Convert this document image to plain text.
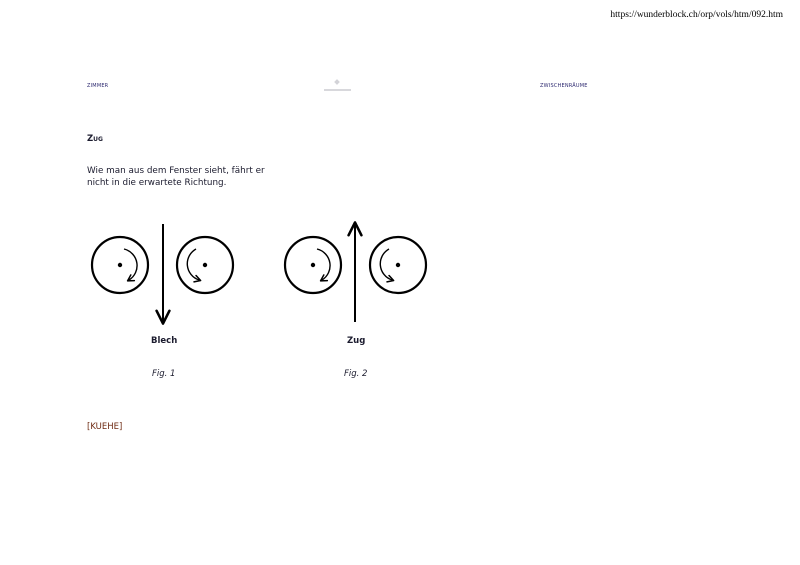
https://wunderblock.ch/orp/vols/htm/092.htm
zimmer	zwischenräume
Zug
Wie man aus dem Fenster sieht, fährt er nicht in die erwartete Richtung.
Blech	Zug
Fig. 1	Fig. 2
[KUEHE]
